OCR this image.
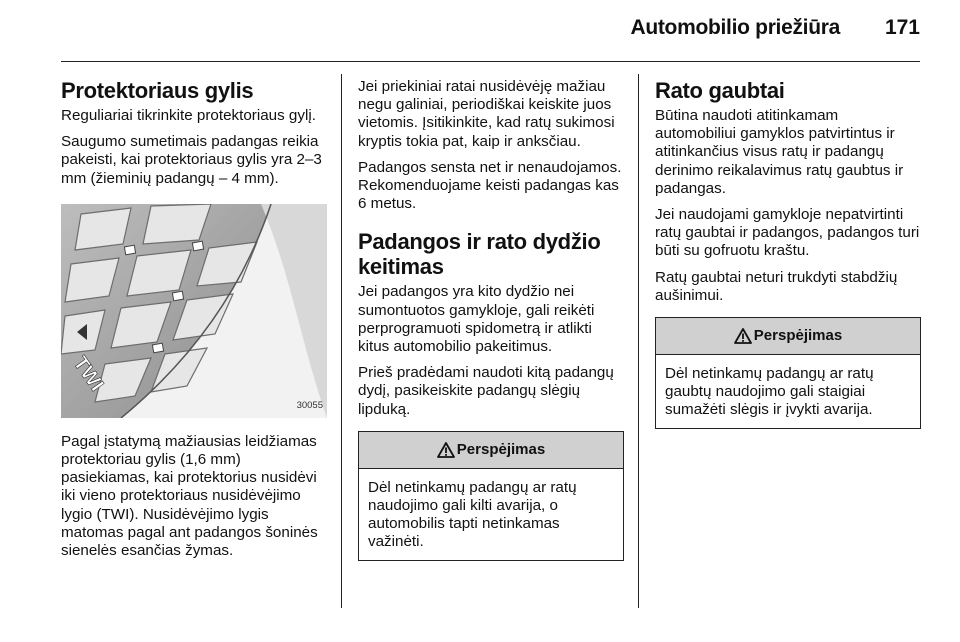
Automobilio priežiūra 171
Protektoriaus gylis

Reguliariai tikrinkite protektoriaus gylį.

Saugumo sumetimais padangas reikia pakeisti, kai protektoriaus gylis yra 2–3 mm (žieminių padangų – 4 mm).

TWI
30055

Pagal įstatymą mažiausias leidžiamas protektoriau gylis (1,6 mm) pasiekiamas, kai protektorius nusidėvi iki vieno protektoriaus nusidėvėjimo lygio (TWI). Nusidėvėjimo lygis matomas pagal ant padangos šoninės sienelės esančias žymas.

Jei priekiniai ratai nusidėvėję mažiau negu galiniai, periodiškai keiskite juos vietomis. Įsitikinkite, kad ratų sukimosi kryptis tokia pat, kaip ir anksčiau.

Padangos sensta net ir nenaudojamos. Rekomenduojame keisti padangas kas 6 metus.

Padangos ir rato dydžio keitimas

Jei padangos yra kito dydžio nei sumontuotos gamykloje, gali reikėti perprogramuoti spidometrą ir atlikti kitus automobilio pakeitimus.

Prieš pradėdami naudoti kitą padangų dydį, pasikeiskite padangų slėgių lipduką.

Perspėjimas
Dėl netinkamų padangų ar ratų naudojimo gali kilti avarija, o automobilis tapti netinkamas važinėti.
Rato gaubtai

Būtina naudoti atitinkamam automobiliui gamyklos patvirtintus ir atitinkančius visus ratų ir padangų derinimo reikalavimus ratų gaubtus ir padangas.

Jei naudojami gamykloje nepatvirtinti ratų gaubtai ir padangos, padangos turi būti su gofruotu kraštu.

Ratų gaubtai neturi trukdyti stabdžių aušinimui.

Perspėjimas
Dėl netinkamų padangų ar ratų gaubtų naudojimo gali staigiai sumažėti slėgis ir įvykti avarija.
